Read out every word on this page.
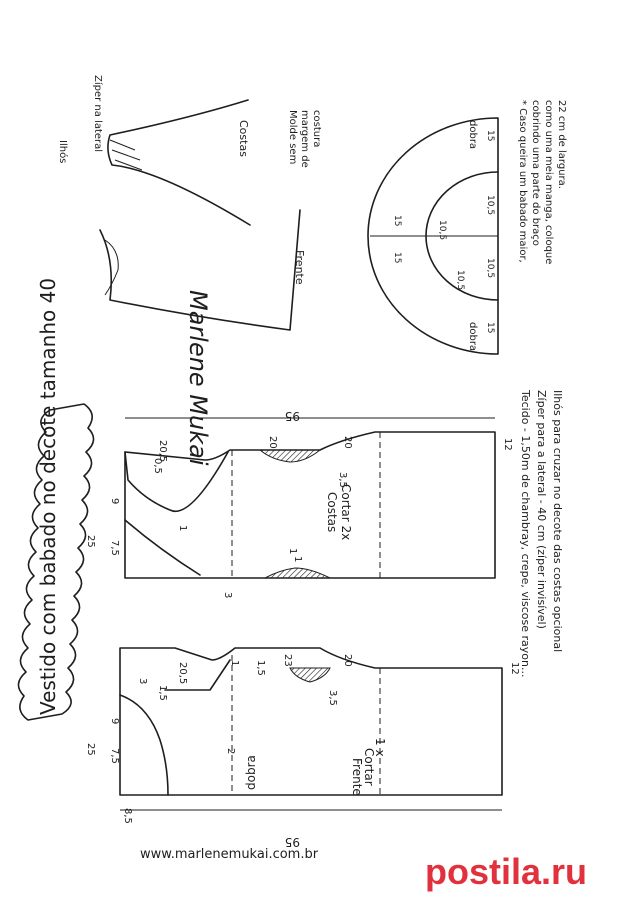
Vestido com babado no decote tamanho 40
95
Frente
Cortar
1 x
dobra
20,5
3
1,5
9
7,5
8,5
25	2
1	23	20
12
3,5
1,5
95
Costas Cortar 2x
20,5
0,5
9
7,5
25
1
1
20	20	12
3,5
1
3
dobra
dobra
15
10,5
10,5
15
10,5
10,5
15
15
Costas
Frente
Ilhós Zíper na lateral	Molde sem margem de costura
Marlene Mukai
* Caso queira um babado maior, cobrindo uma parte do braço como uma meia manga, coloque 22 cm de largura.
Tecido - 1,50m de chambray, crepe, viscose rayon... Zíper para a lateral - 40 cm (zíper invisível) Ilhós para cruzar no decote das costas opcional
www.marlenemukai.com.br	postila.ru
